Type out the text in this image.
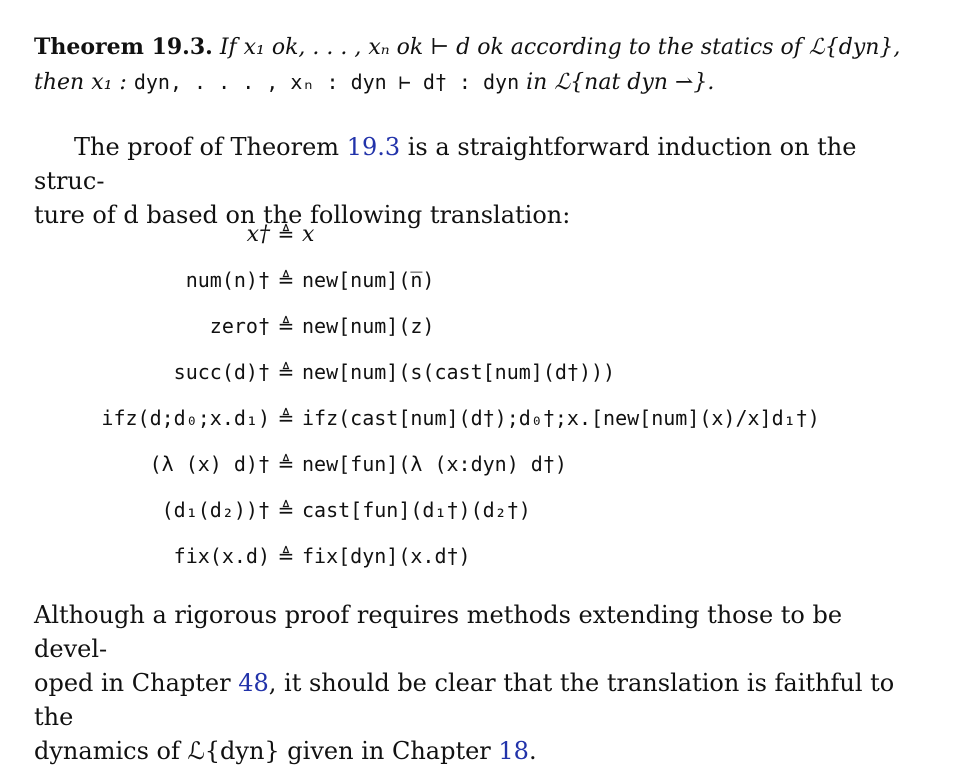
Theorem 19.3. If x₁ ok, . . . , xₙ ok ⊢ d ok according to the statics of ℒ{dyn},
then x₁ : dyn, . . . , xₙ : dyn ⊢ d† : dyn in ℒ{nat dyn ⇀}.
The proof of Theorem 19.3 is a straightforward induction on the struc-
ture of d based on the following translation:
x† ≜ x
num(n)† ≜ new[num](n̅)
zero† ≜ new[num](z)
succ(d)† ≜ new[num](s(cast[num](d†)))
ifz(d;d₀;x.d₁) ≜ ifz(cast[num](d†);d₀†;x.[new[num](x)/x]d₁†)
(λ (x) d)† ≜ new[fun](λ (x:dyn) d†)
(d₁(d₂))† ≜ cast[fun](d₁†)(d₂†)
fix(x.d) ≜ fix[dyn](x.d†)
Although a rigorous proof requires methods extending those to be devel-
oped in Chapter 48, it should be clear that the translation is faithful to the
dynamics of ℒ{dyn} given in Chapter 18.
